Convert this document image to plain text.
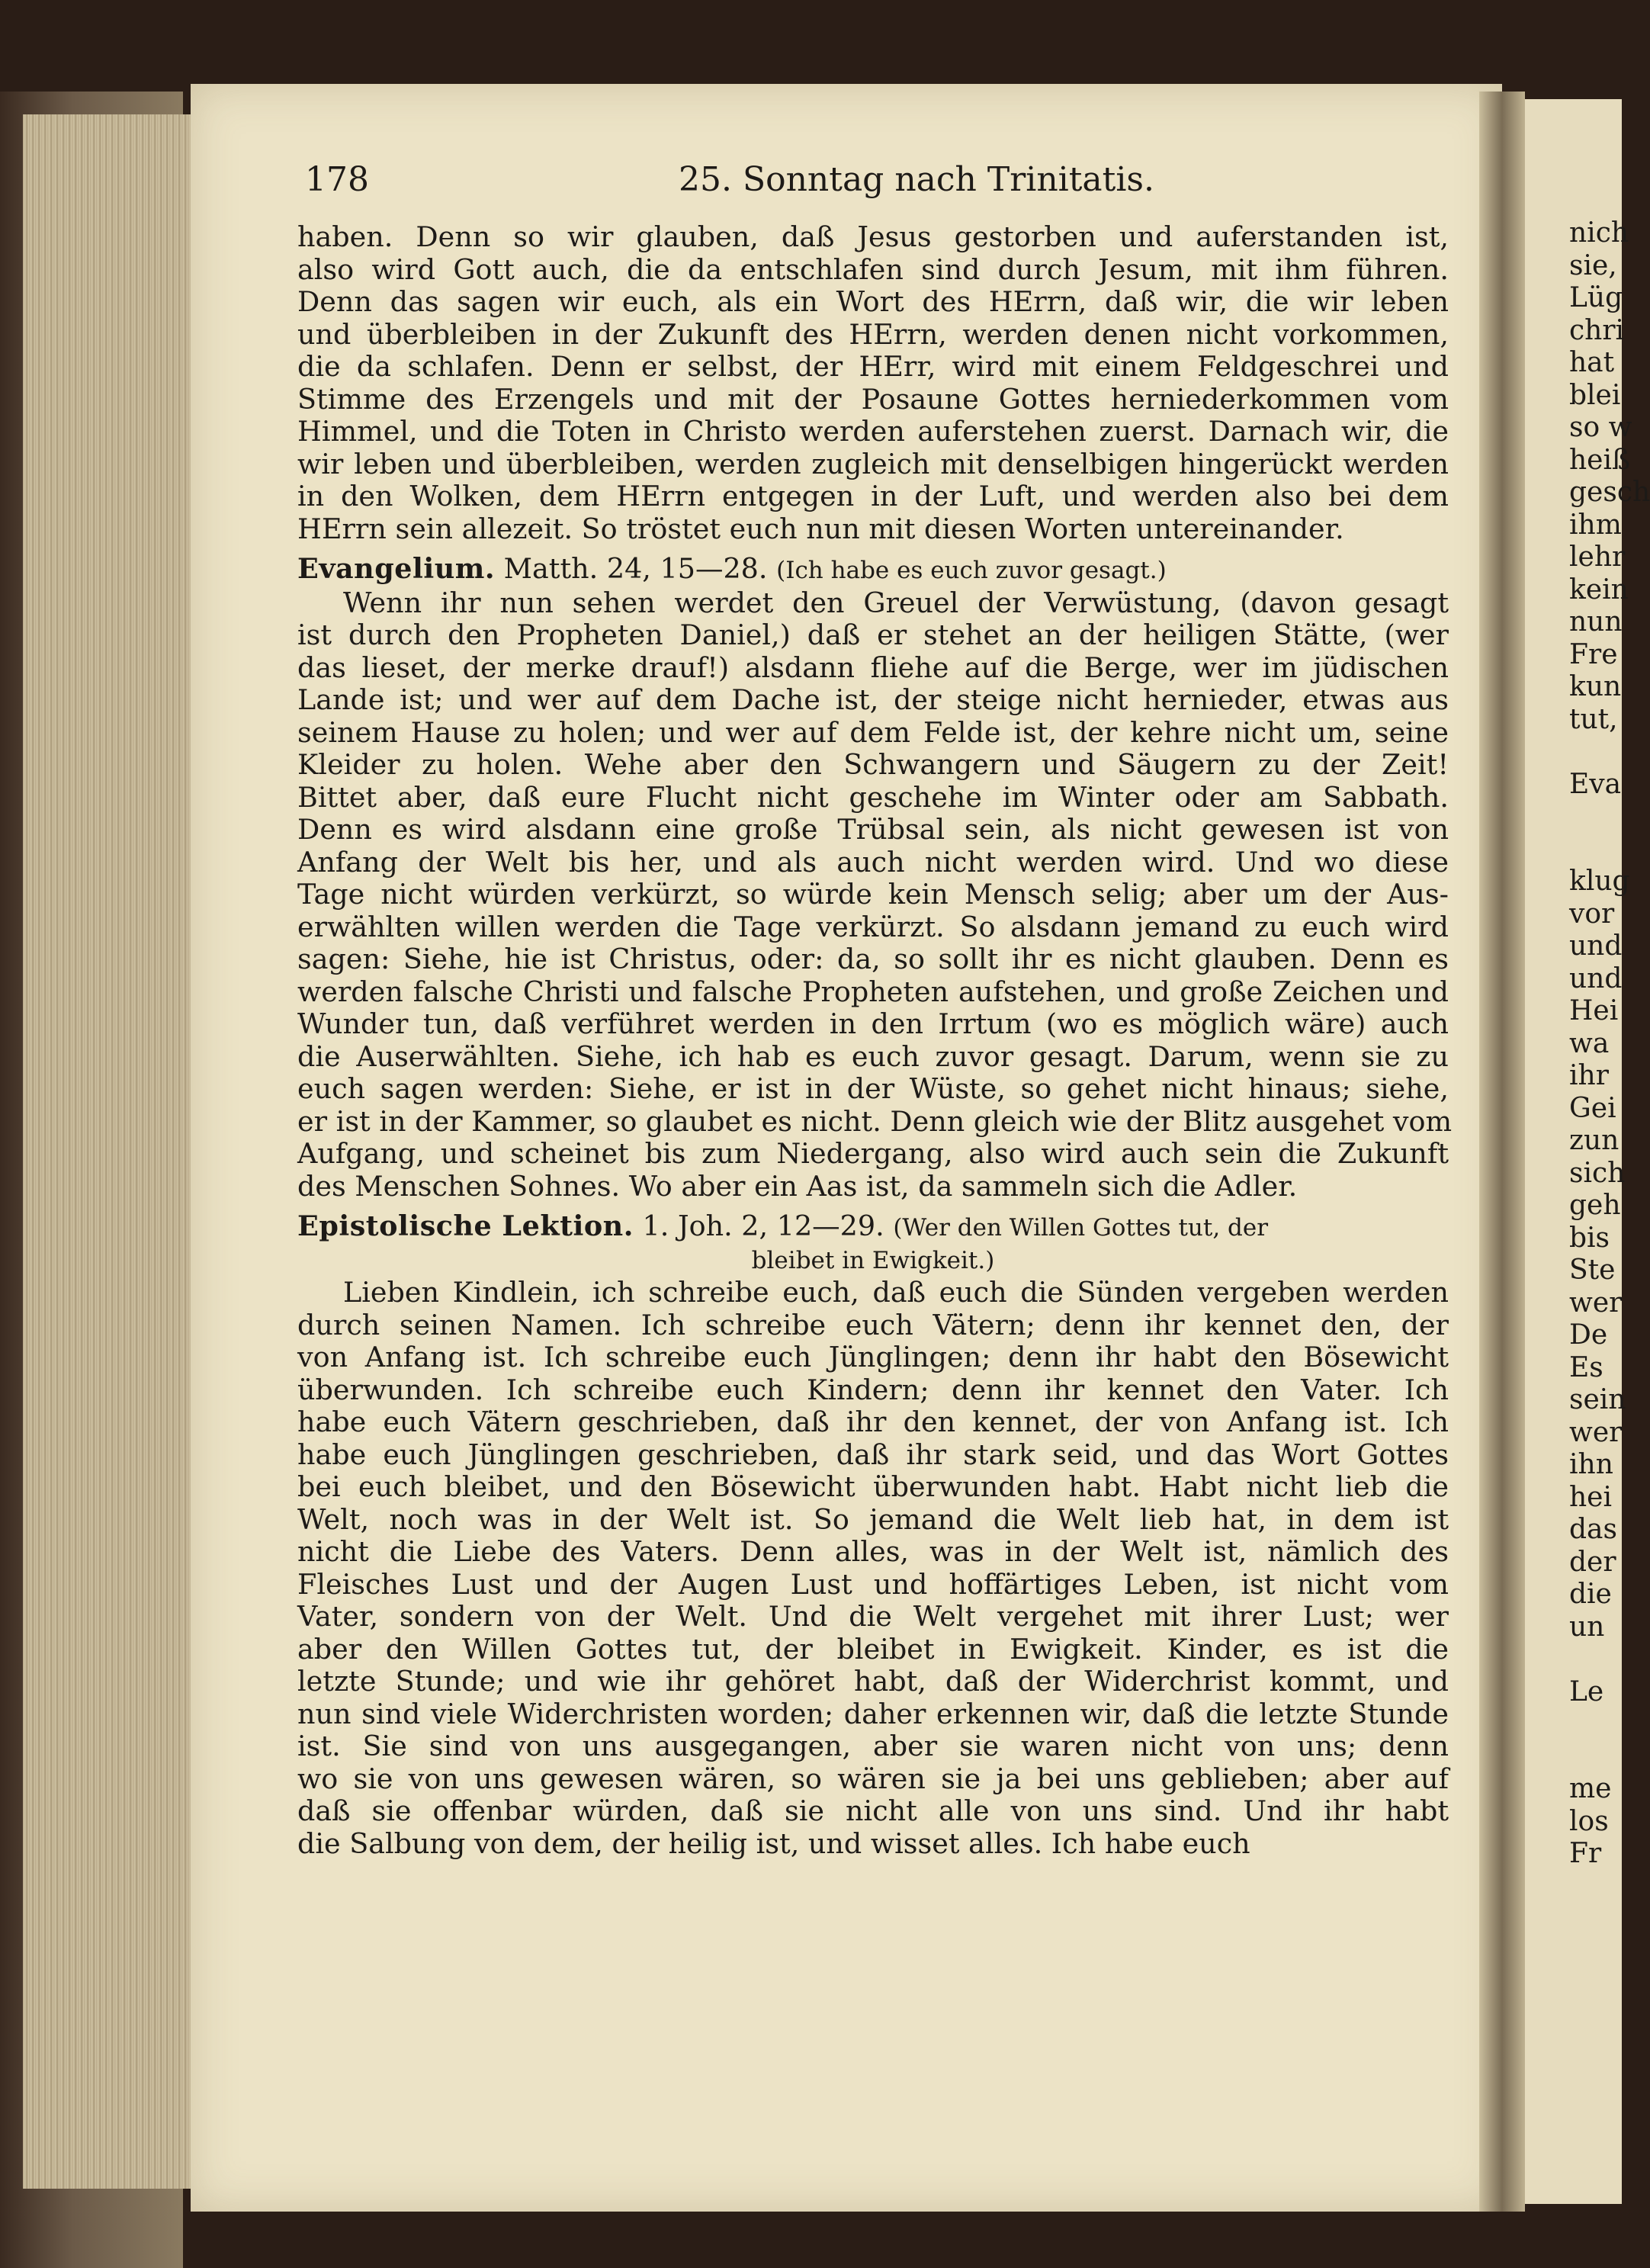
178	25. Sonntag nach Trinitatis.
haben. Denn so wir glauben, daß Jesus gestorben und auferstanden ist,
also wird Gott auch, die da entschlafen sind durch Jesum, mit ihm führen.
Denn das sagen wir euch, als ein Wort des HErrn, daß wir, die wir leben
und überbleiben in der Zukunft des HErrn, werden denen nicht vorkommen,
die da schlafen. Denn er selbst, der HErr, wird mit einem Feldgeschrei und
Stimme des Erzengels und mit der Posaune Gottes herniederkommen vom
Himmel, und die Toten in Christo werden auferstehen zuerst. Darnach wir, die
wir leben und überbleiben, werden zugleich mit denselbigen hingerückt werden
in den Wolken, dem HErrn entgegen in der Luft, und werden also bei dem
HErrn sein allezeit. So tröstet euch nun mit diesen Worten untereinander.
Evangelium. Matth. 24, 15—28. (Ich habe es euch zuvor gesagt.)
Wenn ihr nun sehen werdet den Greuel der Verwüstung, (davon gesagt
ist durch den Propheten Daniel,) daß er stehet an der heiligen Stätte, (wer
das lieset, der merke drauf!) alsdann fliehe auf die Berge, wer im jüdischen
Lande ist; und wer auf dem Dache ist, der steige nicht hernieder, etwas aus
seinem Hause zu holen; und wer auf dem Felde ist, der kehre nicht um, seine
Kleider zu holen. Wehe aber den Schwangern und Säugern zu der Zeit!
Bittet aber, daß eure Flucht nicht geschehe im Winter oder am Sabbath.
Denn es wird alsdann eine große Trübsal sein, als nicht gewesen ist von
Anfang der Welt bis her, und als auch nicht werden wird. Und wo diese
Tage nicht würden verkürzt, so würde kein Mensch selig; aber um der Aus-
erwählten willen werden die Tage verkürzt. So alsdann jemand zu euch wird
sagen: Siehe, hie ist Christus, oder: da, so sollt ihr es nicht glauben. Denn es
werden falsche Christi und falsche Propheten aufstehen, und große Zeichen und
Wunder tun, daß verführet werden in den Irrtum (wo es möglich wäre) auch
die Auserwählten. Siehe, ich hab es euch zuvor gesagt. Darum, wenn sie zu
euch sagen werden: Siehe, er ist in der Wüste, so gehet nicht hinaus; siehe,
er ist in der Kammer, so glaubet es nicht. Denn gleich wie der Blitz ausgehet vom
Aufgang, und scheinet bis zum Niedergang, also wird auch sein die Zukunft
des Menschen Sohnes. Wo aber ein Aas ist, da sammeln sich die Adler.
Epistolische Lektion. 1. Joh. 2, 12—29. (Wer den Willen Gottes tut, der
bleibet in Ewigkeit.)
Lieben Kindlein, ich schreibe euch, daß euch die Sünden vergeben werden
durch seinen Namen. Ich schreibe euch Vätern; denn ihr kennet den, der
von Anfang ist. Ich schreibe euch Jünglingen; denn ihr habt den Bösewicht
überwunden. Ich schreibe euch Kindern; denn ihr kennet den Vater. Ich
habe euch Vätern geschrieben, daß ihr den kennet, der von Anfang ist. Ich
habe euch Jünglingen geschrieben, daß ihr stark seid, und das Wort Gottes
bei euch bleibet, und den Bösewicht überwunden habt. Habt nicht lieb die
Welt, noch was in der Welt ist. So jemand die Welt lieb hat, in dem ist
nicht die Liebe des Vaters. Denn alles, was in der Welt ist, nämlich des
Fleisches Lust und der Augen Lust und hoffärtiges Leben, ist nicht vom
Vater, sondern von der Welt. Und die Welt vergehet mit ihrer Lust; wer
aber den Willen Gottes tut, der bleibet in Ewigkeit. Kinder, es ist die
letzte Stunde; und wie ihr gehöret habt, daß der Widerchrist kommt, und
nun sind viele Widerchristen worden; daher erkennen wir, daß die letzte Stunde
ist. Sie sind von uns ausgegangen, aber sie waren nicht von uns; denn
wo sie von uns gewesen wären, so wären sie ja bei uns geblieben; aber auf
daß sie offenbar würden, daß sie nicht alle von uns sind. Und ihr habt
die Salbung von dem, der heilig ist, und wisset alles. Ich habe euch
nich
sie,
Lüg
chri
hat
blei
so w
heiß
gesch
ihm
lehr
kein
nun
Fre
kun
tut,

Eva

klug
vor
und
und
Hei
wa
ihr
Gei
zun
sich
geh
bis
Ste
wer
De
Es
sein
wer
ihn
hei
das
der
die
un

Le

me
los
Fr
